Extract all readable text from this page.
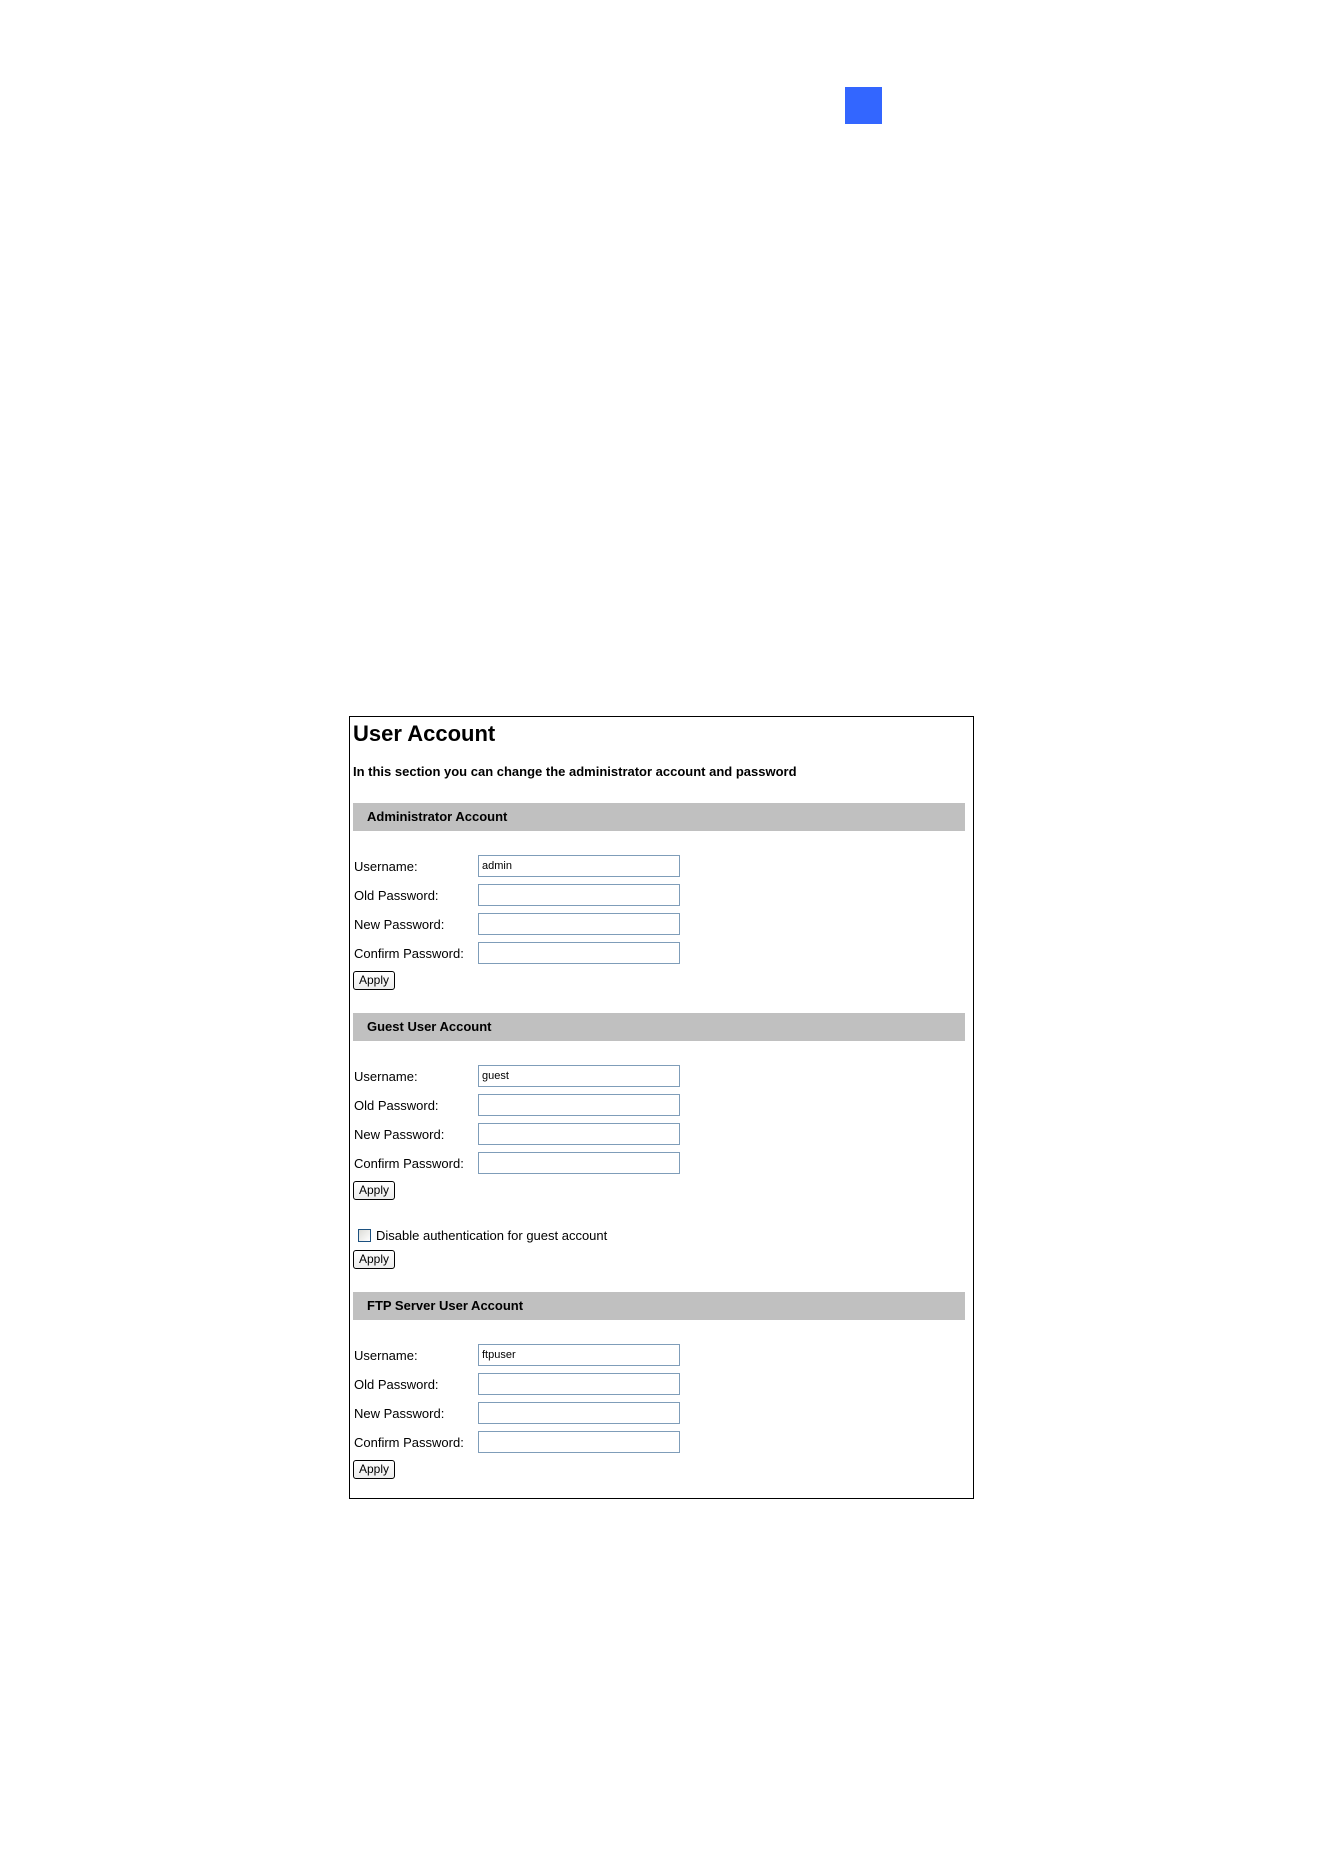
User Account
In this section you can change the administrator account and password
Administrator Account
Username:
admin
Old Password:
New Password:
Confirm Password:
Apply
Guest User Account
Username:
guest
Old Password:
New Password:
Confirm Password:
Apply
Disable authentication for guest account
Apply
FTP Server User Account
Username:
ftpuser
Old Password:
New Password:
Confirm Password:
Apply
